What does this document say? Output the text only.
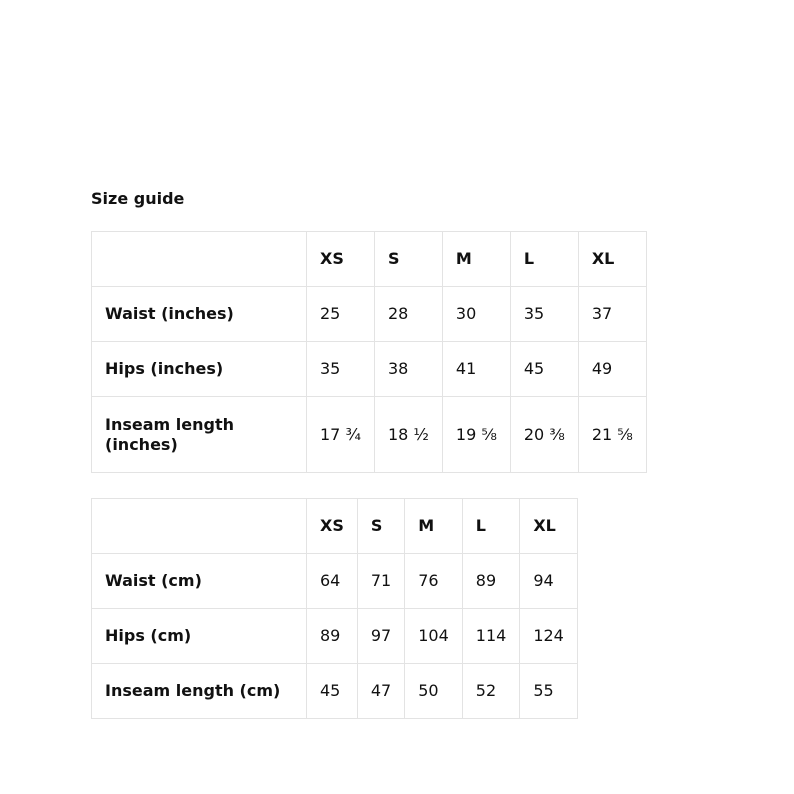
Size guide
	XS	S	M	L	XL
Waist (inches)	25	28	30	35	37
Hips (inches)	35	38	41	45	49
Inseam length (inches)	17 ¾	18 ½	19 ⅝	20 ⅜	21 ⅝
	XS	S	M	L	XL
Waist (cm)	64	71	76	89	94
Hips (cm)	89	97	104	114	124
Inseam length (cm)	45	47	50	52	55
